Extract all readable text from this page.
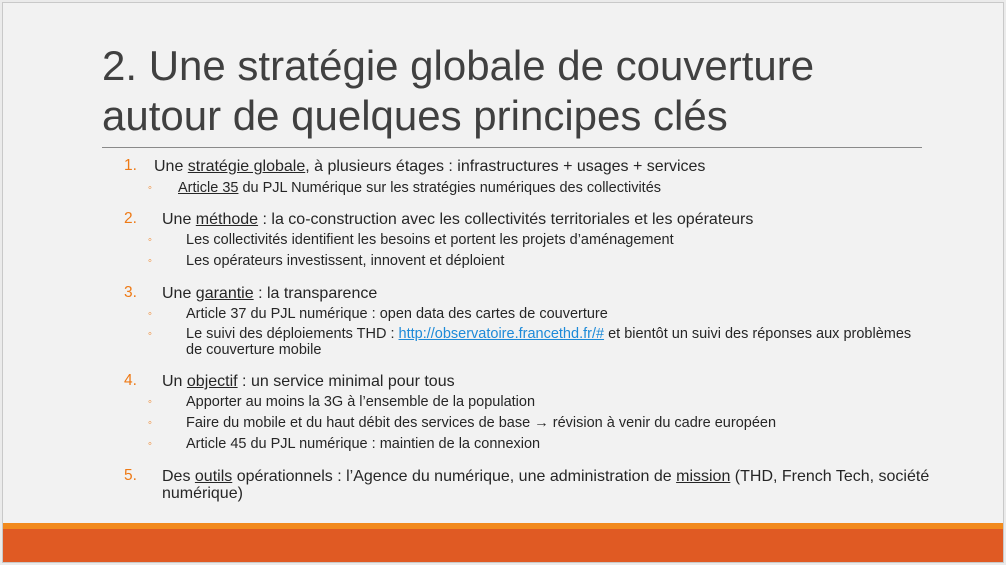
2. Une stratégie globale de couverture
autour de quelques principes clés
1. Une stratégie globale, à plusieurs étages : infrastructures + usages + services
◦ Article 35 du PJL Numérique sur les stratégies numériques des collectivités
2. Une méthode : la co-construction avec les collectivités territoriales et les opérateurs
◦ Les collectivités identifient les besoins et portent les projets d’aménagement
◦ Les opérateurs investissent, innovent et déploient
3. Une garantie : la transparence
◦ Article 37 du PJL numérique : open data des cartes de couverture
◦ Le suivi des déploiements THD : http://observatoire.francethd.fr/# et bientôt un suivi des réponses aux problèmes de couverture mobile
4. Un objectif : un service minimal pour tous
◦ Apporter au moins la 3G à l’ensemble de la population
◦ Faire du mobile et du haut débit des services de base → révision à venir du cadre européen
◦ Article 45 du PJL numérique : maintien de la connexion
5. Des outils opérationnels : l’Agence du numérique, une administration de mission (THD, French Tech, société numérique)
